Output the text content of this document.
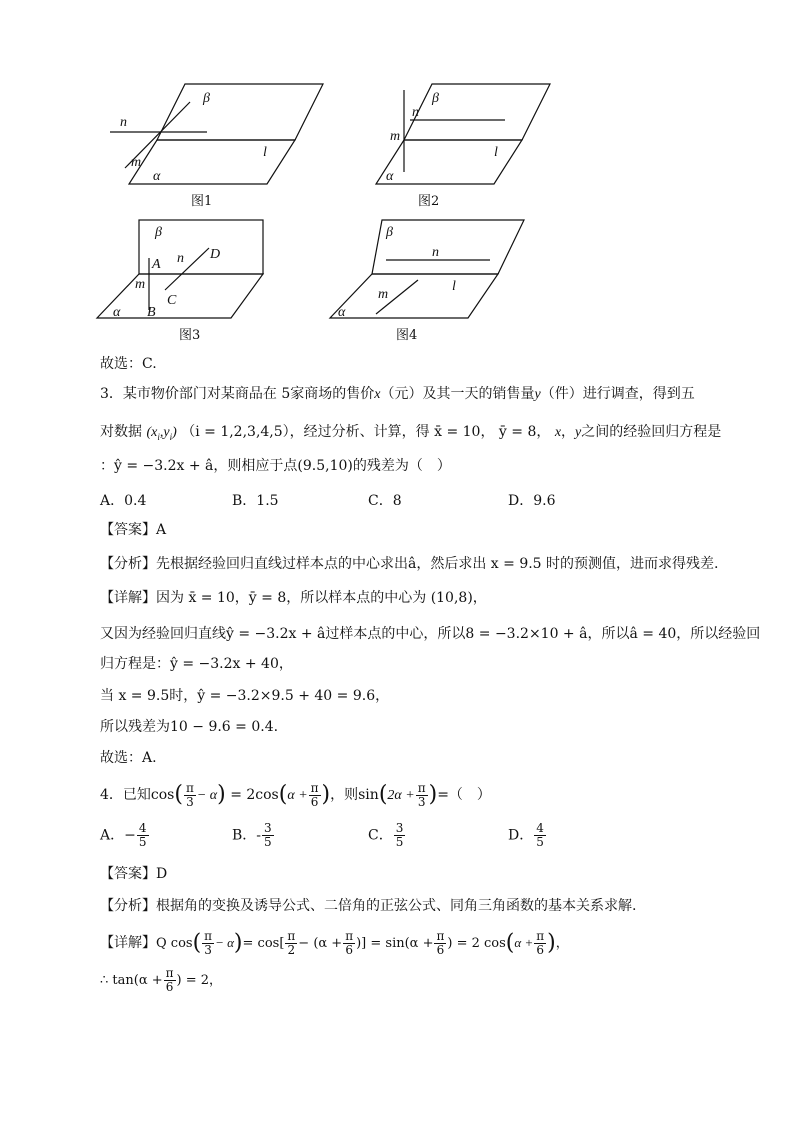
β
n
m
l
α
图1
β
n
m
l
α
图2
β
A n D
m
C
α B
图3
β
n
m
l
α
图4
故选：C.
3．某市物价部门对某商品在 5家商场的售价x（元）及其一天的销售量y（件）进行调查，得到五
对数据 $(x_i,y_i) (i = 1,2,3,4,5)$，经过分析、计算，得 x̄ = 10， ȳ = 8， x，y之间的经验回归方程是
：ŷ = −3.2x + â，则相应于点(9.5,10)的残差为（　）
A．0.4	B．1.5	C．8	D．9.6
【答案】A
【分析】先根据经验回归直线过样本点的中心求出â，然后求出 x = 9.5 时的预测值，进而求得残差.
【详解】因为 x̄ = 10，ȳ = 8，所以样本点的中心为 (10,8)，
又因为经验回归直线ŷ = −3.2x + â过样本点的中心，所以8 = −3.2×10 + â，所以â = 40，所以经验回
归方程是：ŷ = −3.2x + 40，
当 x = 9.5时，ŷ = −3.2×9.5 + 40 = 9.6，
所以残差为10 − 9.6 = 0.4.
故选：A.
4．已知$\cos( \frac{\pi}{3} - \alpha) = 2\cos(\alpha + \frac{\pi}{6}$ )，则$\sin(2\alpha + \frac{\pi}{3}$ )=（　）
A．− $\frac{4}{5}$	B．- $\frac{3}{5}$	C． $\frac{3}{5}$	D． $\frac{4}{5}$
【答案】D
【分析】根据角的变换及诱导公式、二倍角的正弦公式、同角三角函数的基本关系求解.
【详解】Q $\cos( \frac{\pi}{3} - \alpha)= \cos[ \frac{\pi}{2} - (\alpha + \frac{\pi}{6}$ )] = $\sin(\alpha + \frac{\pi}{6}$ ) = 2 $\cos(\alpha + \frac{\pi}{6}$ )，
∴ $\tan(\alpha + \frac{\pi}{6}$ ) = 2，
